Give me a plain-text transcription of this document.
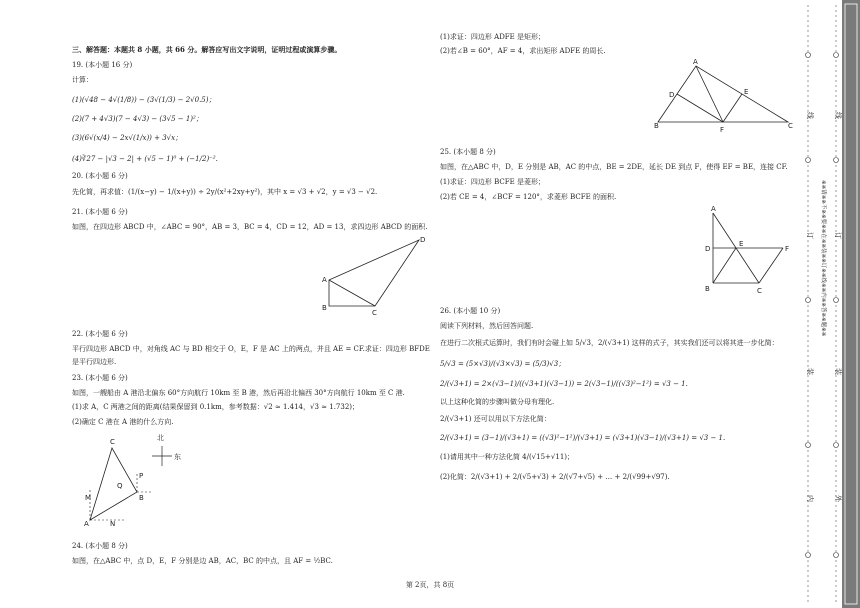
三、解答题：本题共 8 小题，共 66 分。解答应写出文字说明，证明过程或演算步骤。
19. (本小题 16 分)
计算：
(1)(√48 − 4√(1/8)) − (3√(1/3) − 2√0.5)；
(2)(7 + 4√3)(7 − 4√3) − (3√5 − 1)²；
(3)(6√(x/4) − 2x√(1/x)) + 3√x；
(4)∛27 − |√3 − 2| + (√5 − 1)⁰ + (−1/2)⁻².
20. (本小题 6 分)
先化简，再求值：(1/(x−y) − 1/(x+y)) ÷ 2y/(x²+2xy+y²)，其中 x = √3 + √2，y = √3 − √2.
21. (本小题 6 分)
如图，在四边形 ABCD 中，∠ABC = 90°，AB = 3，BC = 4，CD = 12，AD = 13，求四边形 ABCD 的面积.
A
B
C
D
22. (本小题 6 分)
平行四边形 ABCD 中，对角线 AC 与 BD 相交于 O，E，F 是 AC 上的两点，并且 AE = CF.求证：四边形 BFDE
是平行四边形.
23. (本小题 6 分)
如图，一艘船由 A 港沿北偏东 60°方向航行 10km 至 B 港，然后再沿北偏西 30°方向航行 10km 至 C 港.
(1)求 A，C 两港之间的距离(结果保留到 0.1km，参考数据：√2 ≈ 1.414，√3 ≈ 1.732)；
(2)确定 C 港在 A 港的什么方向.
北
东
C
P
Q
B
M
A	N
24. (本小题 8 分)
如图，在△ABC 中，点 D，E，F 分别是边 AB，AC，BC 的中点，且 AF = ½BC.
(1)求证：四边形 ADFE 是矩形；
(2)若∠B = 60°，AF = 4，求出矩形 ADFE 的周长.
A
D	E
B	F	C
25. (本小题 8 分)
如图，在△ABC 中，D，E 分别是 AB，AC 的中点，BE = 2DE，延长 DE 到点 F，使得 EF = BE，连接 CF.
(1)求证：四边形 BCFE 是菱形；
(2)若 CE = 4，∠BCF = 120°，求菱形 BCFE 的面积.
A
D
E
F
B	C
26. (本小题 10 分)
阅读下列材料，然后回答问题.
在进行二次根式运算时，我们有时会碰上如 5/√3，2/(√3+1) 这样的式子，其实我们还可以将其进一步化简：
5/√3 = (5×√3)/(√3×√3) = (5/3)√3；
2/(√3+1) = 2×(√3−1)/((√3+1)(√3−1)) = 2(√3−1)/((√3)²−1²) = √3 − 1.
以上这种化简的步骤叫做分母有理化.
2/(√3+1) 还可以用以下方法化简：
2/(√3+1) = (3−1)/(√3+1) = ((√3)²−1²)/(√3+1) = (√3+1)(√3−1)/(√3+1) = √3 − 1.
(1)请用其中一种方法化简 4/(√15+√11)；
(2)化简：2/(√3+1) + 2/(√5+√3) + 2/(√7+√5) + … + 2/(√99+√97).
第 2页，共 8页
线
订
装
外
线
订
装
内
※※请※※不※※要※※在※※装※※订※※线※※内※※答※※题※※
